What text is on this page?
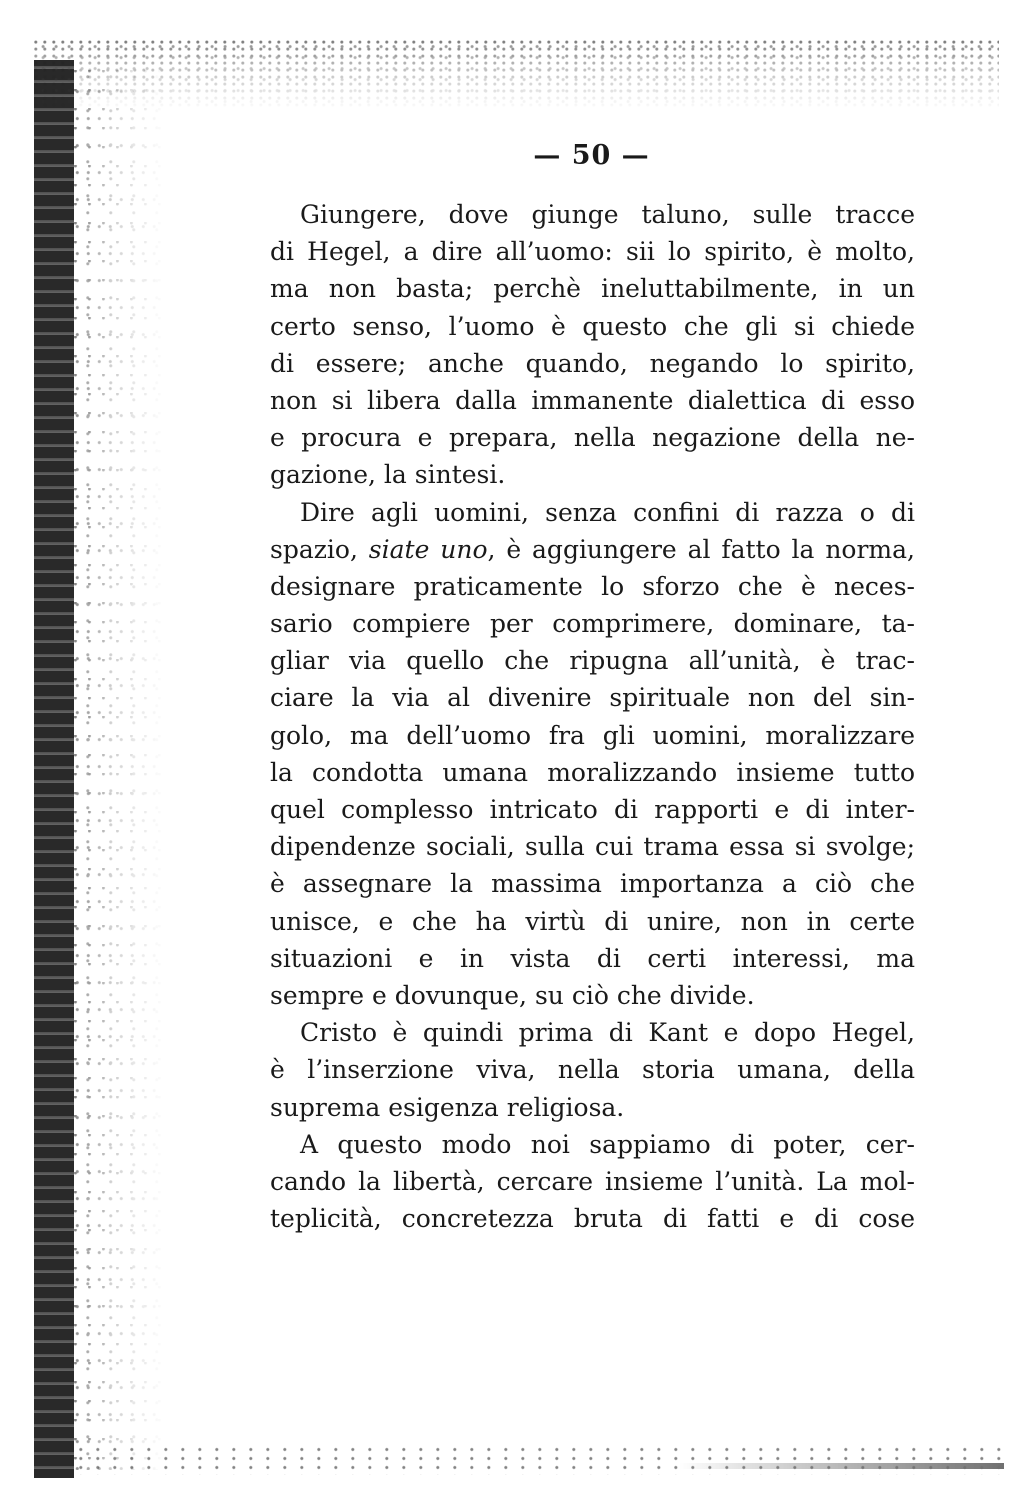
— 50 —
Giungere, dove giunge taluno, sulle tracce
di Hegel, a dire all’uomo: sii lo spirito, è molto,
ma non basta; perchè ineluttabilmente, in un
certo senso, l’uomo è questo che gli si chiede
di essere; anche quando, negando lo spirito,
non si libera dalla immanente dialettica di esso
e procura e prepara, nella negazione della ne-
gazione, la sintesi.
Dire agli uomini, senza confini di razza o di
spazio, siate uno, è aggiungere al fatto la norma,
designare praticamente lo sforzo che è neces-
sario compiere per comprimere, dominare, ta-
gliar via quello che ripugna all’unità, è trac-
ciare la via al divenire spirituale non del sin-
golo, ma dell’uomo fra gli uomini, moralizzare
la condotta umana moralizzando insieme tutto
quel complesso intricato di rapporti e di inter-
dipendenze sociali, sulla cui trama essa si svolge;
è assegnare la massima importanza a ciò che
unisce, e che ha virtù di unire, non in certe
situazioni e in vista di certi interessi, ma
sempre e dovunque, su ciò che divide.
Cristo è quindi prima di Kant e dopo Hegel,
è l’inserzione viva, nella storia umana, della
suprema esigenza religiosa.
A questo modo noi sappiamo di poter, cer-
cando la libertà, cercare insieme l’unità. La mol-
teplicità, concretezza bruta di fatti e di cose
